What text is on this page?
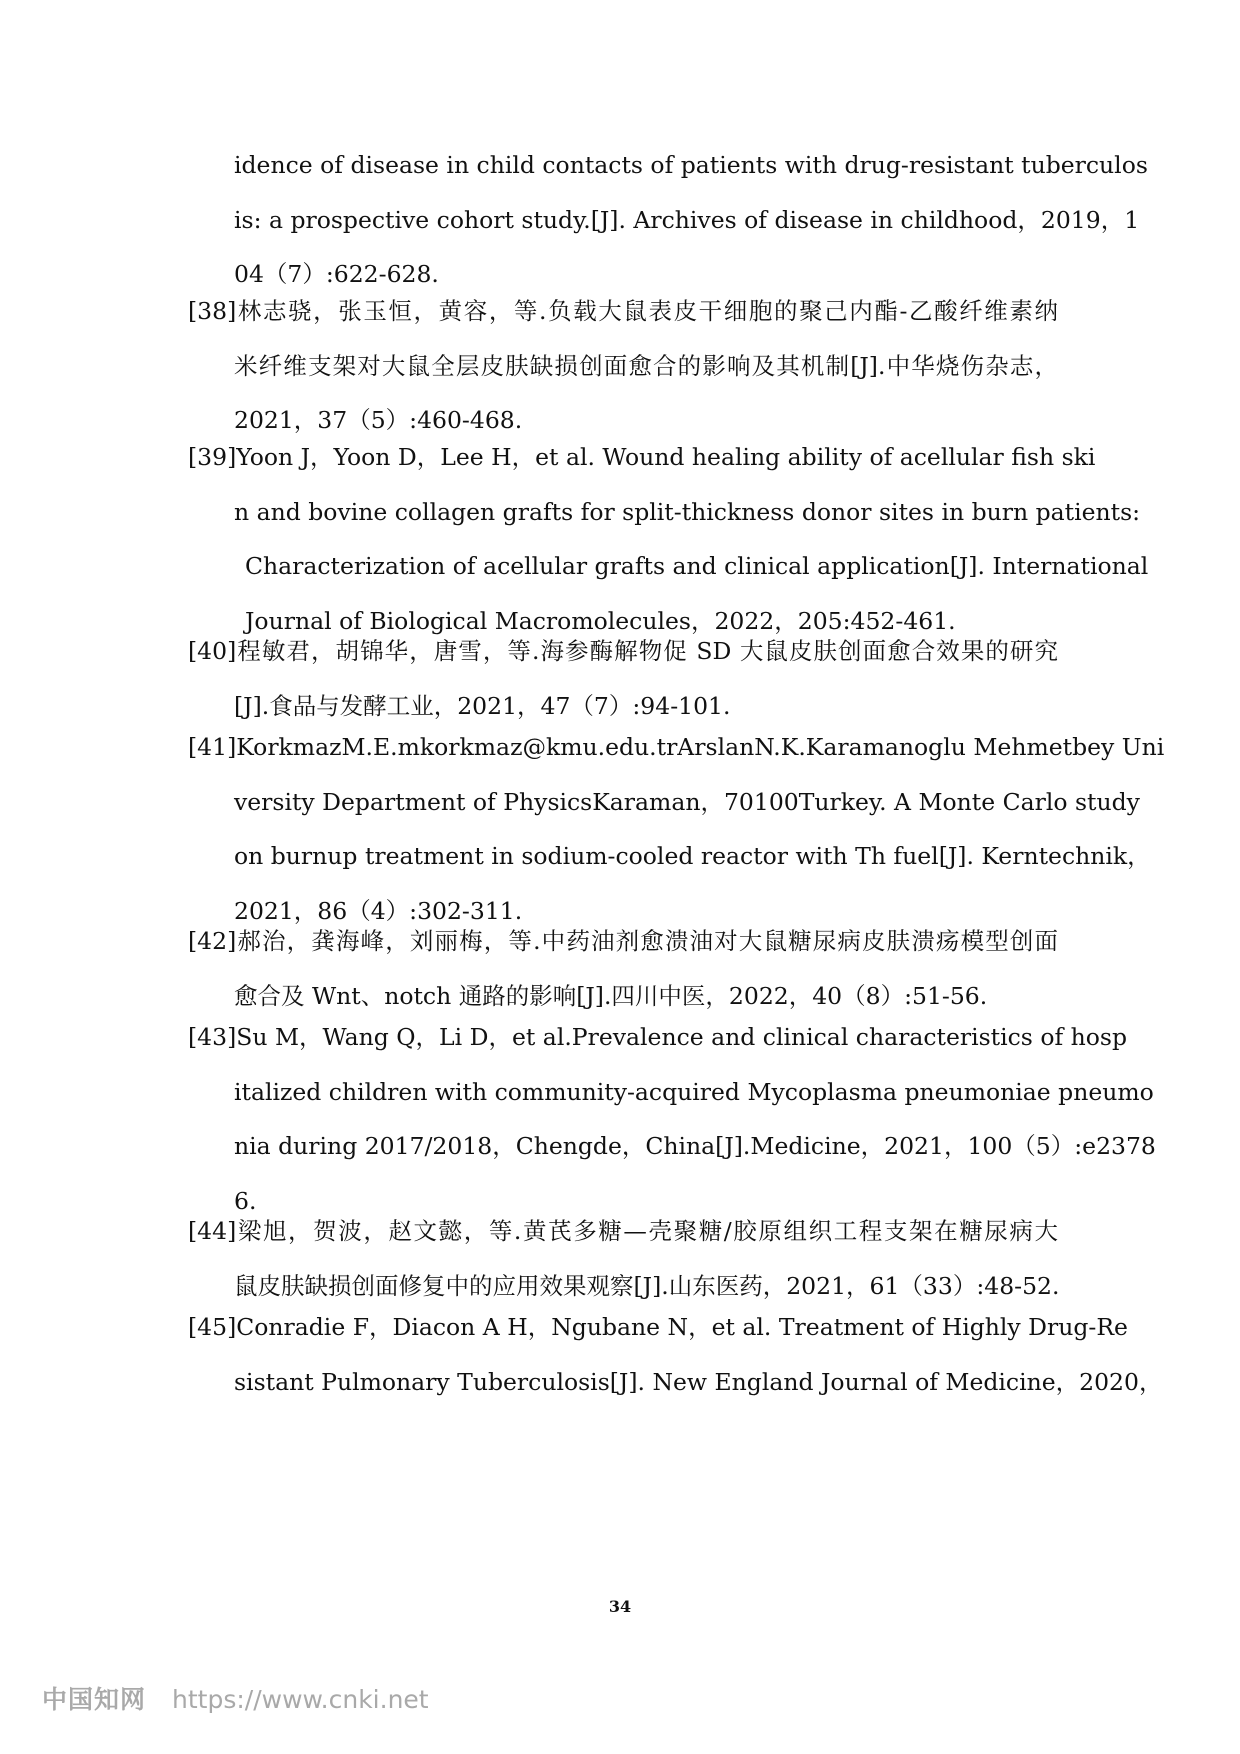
idence of disease in child contacts of patients with drug-resistant tuberculos
is: a prospective cohort study.[J]. Archives of disease in childhood，2019，1
04（7）:622-628.
[38]林志骁，张玉恒，黄容，等.负载大鼠表皮干细胞的聚己内酯-乙酸纤维素纳
米纤维支架对大鼠全层皮肤缺损创面愈合的影响及其机制[J].中华烧伤杂志，
2021，37（5）:460-468.
[39]Yoon J，Yoon D，Lee H，et al. Wound healing ability of acellular fish ski
n and bovine collagen grafts for split-thickness donor sites in burn patients:
Characterization of acellular grafts and clinical application[J]. International
Journal of Biological Macromolecules，2022，205:452-461.
[40]程敏君，胡锦华，唐雪，等.海参酶解物促 SD 大鼠皮肤创面愈合效果的研究
[J].食品与发酵工业，2021，47（7）:94-101.
[41]KorkmazM.E.mkorkmaz@kmu.edu.trArslanN.K.Karamanoglu Mehmetbey Uni
versity Department of PhysicsKaraman，70100Turkey. A Monte Carlo study
on burnup treatment in sodium-cooled reactor with Th fuel[J]. Kerntechnik，
2021，86（4）:302-311.
[42]郝治，龚海峰，刘丽梅，等.中药油剂愈溃油对大鼠糖尿病皮肤溃疡模型创面
愈合及 Wnt、notch 通路的影响[J].四川中医，2022，40（8）:51-56.
[43]Su M，Wang Q，Li D，et al.Prevalence and clinical characteristics of hosp
italized children with community-acquired Mycoplasma pneumoniae pneumo
nia during 2017/2018，Chengde，China[J].Medicine，2021，100（5）:e2378
6.
[44]梁旭，贺波，赵文懿，等.黄芪多糖—壳聚糖/胶原组织工程支架在糖尿病大
鼠皮肤缺损创面修复中的应用效果观察[J].山东医药，2021，61（33）:48-52.
[45]Conradie F，Diacon A H，Ngubane N，et al. Treatment of Highly Drug-Re
sistant Pulmonary Tuberculosis[J]. New England Journal of Medicine，2020，
34
中国知网 https://www.cnki.net
